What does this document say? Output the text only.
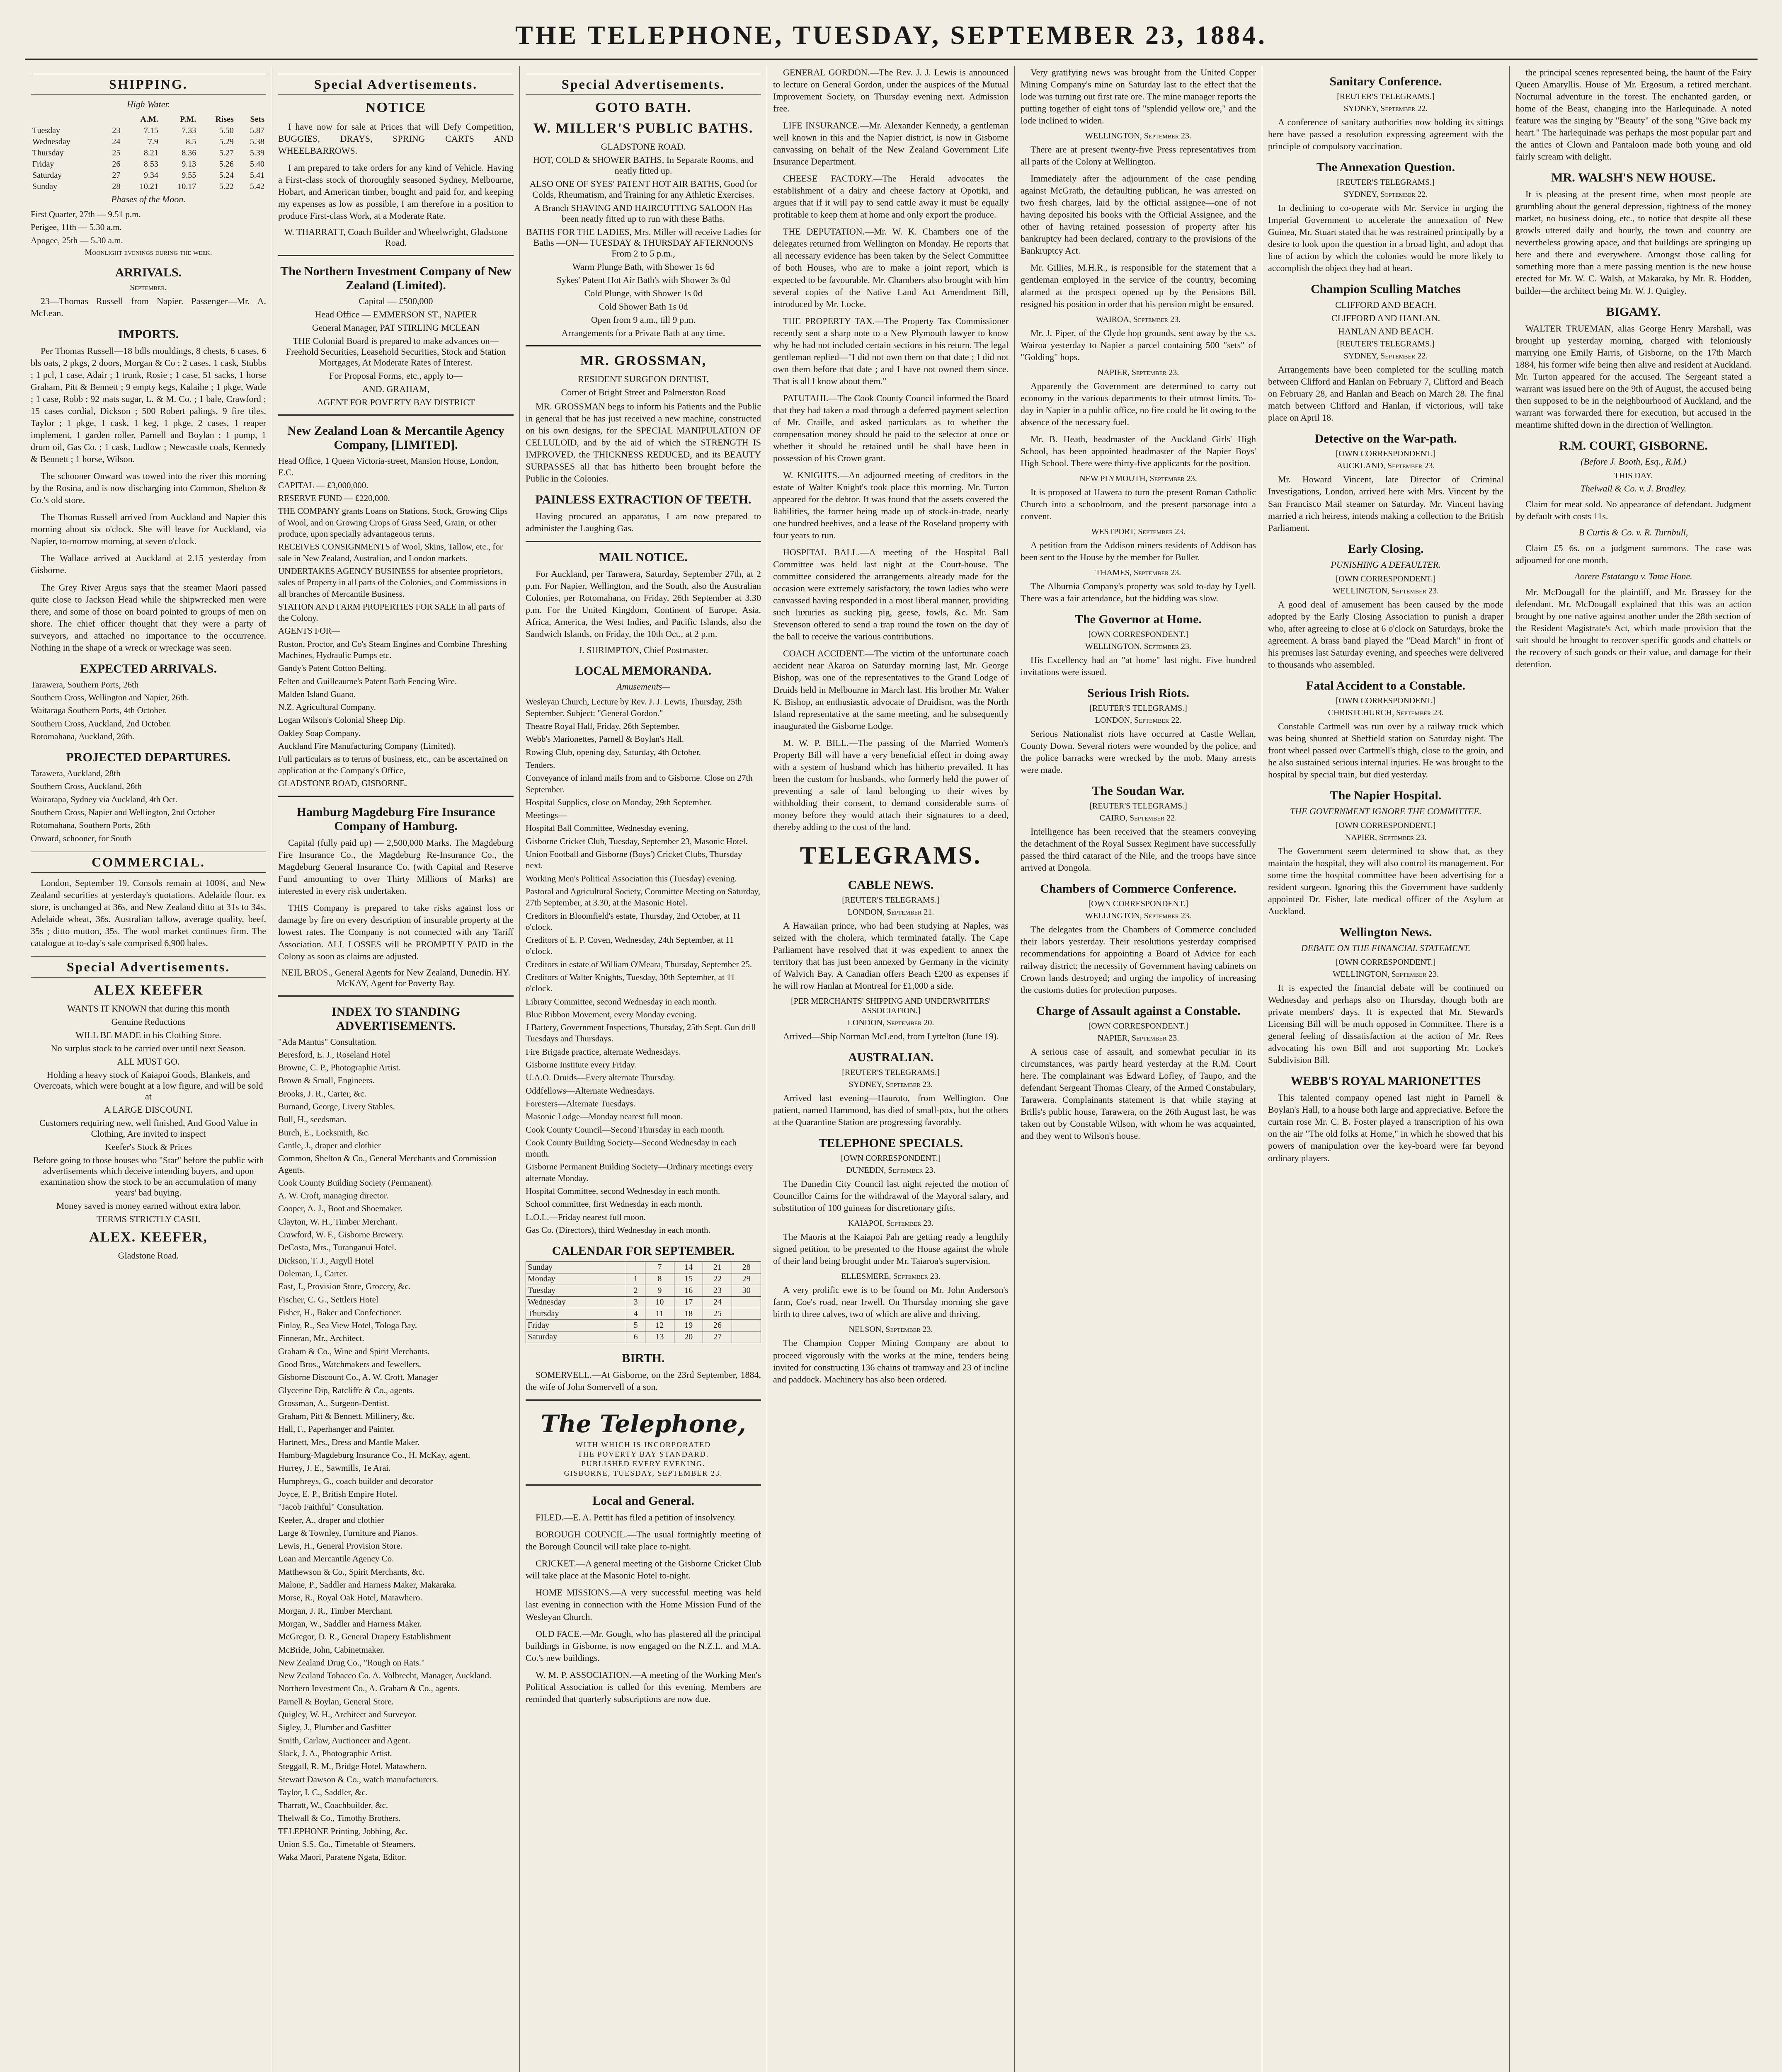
THE TELEPHONE, TUESDAY, SEPTEMBER 23, 1884.
SHIPPING.
High Water.
		A.M.	P.M.	Rises	Sets
Tuesday	23	7.15	7.33	5.50	5.87
Wednesday	24	7.9	8.5	5.29	5.38
Thursday	25	8.21	8.36	5.27	5.39
Friday	26	8.53	9.13	5.26	5.40
Saturday	27	9.34	9.55	5.24	5.41
Sunday	28	10.21	10.17	5.22	5.42
Phases of the Moon.
First Quarter, 27th — 9.51 p.m.
Perigee, 11th — 5.30 a.m.
Apogee, 25th — 5.30 a.m.
Moonlight evenings during the week.
ARRIVALS.
September.

23—Thomas Russell from Napier. Passenger—Mr. A. McLean.

IMPORTS.

Per Thomas Russell—18 bdls mouldings, 8 chests, 6 cases, 6 bls oats, 2 pkgs, 2 doors, Morgan & Co ; 2 cases, 1 cask, Stubbs ; 1 pcl, 1 case, Adair ; 1 trunk, Rosie ; 1 case, 51 sacks, 1 horse Graham, Pitt & Bennett ; 9 empty kegs, Kalaihe ; 1 pkge, Wade ; 1 case, Robb ; 92 mats sugar, L. & M. Co. ; 1 bale, Crawford ; 15 cases cordial, Dickson ; 500 Robert palings, 9 fire tiles, Taylor ; 1 pkge, 1 cask, 1 keg, 1 pkge, 2 cases, 1 reaper implement, 1 garden roller, Parnell and Boylan ; 1 pump, 1 drum oil, Gas Co. ; 1 cask, Ludlow ; Newcastle coals, Kennedy & Bennett ; 1 horse, Wilson.

The schooner Onward was towed into the river this morning by the Rosina, and is now discharging into Common, Shelton & Co.'s old store.

The Thomas Russell arrived from Auckland and Napier this morning about six o'clock. She will leave for Auckland, via Napier, to-morrow morning, at seven o'clock.

The Wallace arrived at Auckland at 2.15 yesterday from Gisborne.

The Grey River Argus says that the steamer Maori passed quite close to Jackson Head while the shipwrecked men were there, and some of those on board pointed to groups of men on shore. The chief officer thought that they were a party of surveyors, and attached no importance to the occurrence. Nothing in the shape of a wreck or wreckage was seen.

EXPECTED ARRIVALS.
Tarawera, Southern Ports, 26th
Southern Cross, Wellington and Napier, 26th.
Waitaraga Southern Ports, 4th October.
Southern Cross, Auckland, 2nd October.
Rotomahana, Auckland, 26th.
PROJECTED DEPARTURES.
Tarawera, Auckland, 28th
Southern Cross, Auckland, 26th
Wairarapa, Sydney via Auckland, 4th Oct.
Southern Cross, Napier and Wellington, 2nd October
Rotomahana, Southern Ports, 26th
Onward, schooner, for South
COMMERCIAL.

London, September 19. Consols remain at 100¾, and New Zealand securities at yesterday's quotations. Adelaide flour, ex store, is unchanged at 36s, and New Zealand ditto at 31s to 34s. Adelaide wheat, 36s. Australian tallow, average quality, beef, 35s ; ditto mutton, 35s. The wool market continues firm. The catalogue at to-day's sale comprised 6,900 bales.

Special Advertisements.
ALEX KEEFER
WANTS IT KNOWN that during this month
Genuine Reductions
WILL BE MADE in his Clothing Store.
No surplus stock to be carried over until next Season.
ALL MUST GO.
Holding a heavy stock of Kaiapoi Goods, Blankets, and Overcoats, which were bought at a low figure, and will be sold at
A LARGE DISCOUNT.
Customers requiring new, well finished, And Good Value in Clothing, Are invited to inspect
Keefer's Stock & Prices
Before going to those houses who "Star" before the public with advertisements which deceive intending buyers, and upon examination show the stock to be an accumulation of many years' bad buying.
Money saved is money earned without extra labor.
TERMS STRICTLY CASH.
ALEX. KEEFER,
Gladstone Road.
Special Advertisements.
NOTICE

I have now for sale at Prices that will Defy Competition, BUGGIES, DRAYS, SPRING CARTS AND WHEELBARROWS.

I am prepared to take orders for any kind of Vehicle. Having a First-class stock of thoroughly seasoned Sydney, Melbourne, Hobart, and American timber, bought and paid for, and keeping my expenses as low as possible, I am therefore in a position to produce First-class Work, at a Moderate Rate.

W. THARRATT, Coach Builder and Wheelwright, Gladstone Road.
The Northern Investment Company of New Zealand (Limited).
Capital — £500,000
Head Office — EMMERSON ST., NAPIER
General Manager, PAT STIRLING MCLEAN
THE Colonial Board is prepared to make advances on— Freehold Securities, Leasehold Securities, Stock and Station Mortgages, At Moderate Rates of Interest.
For Proposal Forms, etc., apply to—
AND. GRAHAM,
AGENT FOR POVERTY BAY DISTRICT
New Zealand Loan & Mercantile Agency Company, [LIMITED].
Head Office, 1 Queen Victoria-street, Mansion House, London, E.C.
CAPITAL — £3,000,000.
RESERVE FUND — £220,000.
THE COMPANY grants Loans on Stations, Stock, Growing Clips of Wool, and on Growing Crops of Grass Seed, Grain, or other produce, upon specially advantageous terms.
RECEIVES CONSIGNMENTS of Wool, Skins, Tallow, etc., for sale in New Zealand, Australian, and London markets.
UNDERTAKES AGENCY BUSINESS for absentee proprietors, sales of Property in all parts of the Colonies, and Commissions in all branches of Mercantile Business.
STATION AND FARM PROPERTIES FOR SALE in all parts of the Colony.
AGENTS FOR—
Ruston, Proctor, and Co's Steam Engines and Combine Threshing Machines, Hydraulic Pumps etc.
Gandy's Patent Cotton Belting.
Felten and Guilleaume's Patent Barb Fencing Wire.
Malden Island Guano.
N.Z. Agricultural Company.
Logan Wilson's Colonial Sheep Dip.
Oakley Soap Company.
Auckland Fire Manufacturing Company (Limited).
Full particulars as to terms of business, etc., can be ascertained on application at the Company's Office,
GLADSTONE ROAD, GISBORNE.
Hamburg Magdeburg Fire Insurance Company of Hamburg.

Capital (fully paid up) — 2,500,000 Marks. The Magdeburg Fire Insurance Co., the Magdeburg Re-Insurance Co., the Magdeburg General Insurance Co. (with Capital and Reserve Fund amounting to over Thirty Millions of Marks) are interested in every risk undertaken.

THIS Company is prepared to take risks against loss or damage by fire on every description of insurable property at the lowest rates. The Company is not connected with any Tariff Association. ALL LOSSES will be PROMPTLY PAID in the Colony as soon as claims are adjusted.

NEIL BROS., General Agents for New Zealand, Dunedin. HY. McKAY, Agent for Poverty Bay.
INDEX TO STANDING ADVERTISEMENTS.
"Ada Mantus" Consultation.
Beresford, E. J., Roseland Hotel
Browne, C. P., Photographic Artist.
Brown & Small, Engineers.
Brooks, J. R., Carter, &c.
Burnand, George, Livery Stables.
Bull, H., seedsman.
Burch, E., Locksmith, &c.
Cantle, J., draper and clothier
Common, Shelton & Co., General Merchants and Commission Agents.
Cook County Building Society (Permanent).
A. W. Croft, managing director.
Cooper, A. J., Boot and Shoemaker.
Clayton, W. H., Timber Merchant.
Crawford, W. F., Gisborne Brewery.
DeCosta, Mrs., Turanganui Hotel.
Dickson, T. J., Argyll Hotel
Doleman, J., Carter.
East, J., Provision Store, Grocery, &c.
Fischer, C. G., Settlers Hotel
Fisher, H., Baker and Confectioner.
Finlay, R., Sea View Hotel, Tologa Bay.
Finneran, Mr., Architect.
Graham & Co., Wine and Spirit Merchants.
Good Bros., Watchmakers and Jewellers.
Gisborne Discount Co., A. W. Croft, Manager
Glycerine Dip, Ratcliffe & Co., agents.
Grossman, A., Surgeon-Dentist.
Graham, Pitt & Bennett, Millinery, &c.
Hall, F., Paperhanger and Painter.
Hartnett, Mrs., Dress and Mantle Maker.
Hamburg-Magdeburg Insurance Co., H. McKay, agent.
Hurrey, J. E., Sawmills, Te Arai.
Humphreys, G., coach builder and decorator
Joyce, E. P., British Empire Hotel.
"Jacob Faithful" Consultation.
Keefer, A., draper and clothier
Large & Townley, Furniture and Pianos.
Lewis, H., General Provision Store.
Loan and Mercantile Agency Co.
Matthewson & Co., Spirit Merchants, &c.
Malone, P., Saddler and Harness Maker, Makaraka.
Morse, R., Royal Oak Hotel, Matawhero.
Morgan, J. R., Timber Merchant.
Morgan, W., Saddler and Harness Maker.
McGregor, D. R., General Drapery Establishment
McBride, John, Cabinetmaker.
New Zealand Drug Co., "Rough on Rats."
New Zealand Tobacco Co. A. Volbrecht, Manager, Auckland.
Northern Investment Co., A. Graham & Co., agents.
Parnell & Boylan, General Store.
Quigley, W. H., Architect and Surveyor.
Sigley, J., Plumber and Gasfitter
Smith, Carlaw, Auctioneer and Agent.
Slack, J. A., Photographic Artist.
Steggall, R. M., Bridge Hotel, Matawhero.
Stewart Dawson & Co., watch manufacturers.
Taylor, I. C., Saddler, &c.
Tharratt, W., Coachbuilder, &c.
Thelwall & Co., Timothy Brothers.
TELEPHONE Printing, Jobbing, &c.
Union S.S. Co., Timetable of Steamers.
Waka Maori, Paratene Ngata, Editor.
Special Advertisements.
GOTO BATH.
W. MILLER'S PUBLIC BATHS.
GLADSTONE ROAD.
HOT, COLD & SHOWER BATHS, In Separate Rooms, and neatly fitted up.
ALSO ONE OF SYES' PATENT HOT AIR BATHS, Good for Colds, Rheumatism, and Training for any Athletic Exercises.
A Branch SHAVING AND HAIRCUTTING SALOON Has been neatly fitted up to run with these Baths.
BATHS FOR THE LADIES, Mrs. Miller will receive Ladies for Baths —ON— TUESDAY & THURSDAY AFTERNOONS From 2 to 5 p.m.,
Warm Plunge Bath, with Shower 1s 6d
Sykes' Patent Hot Air Bath's with Shower 3s 0d
Cold Plunge, with Shower 1s 0d
Cold Shower Bath 1s 0d
Open from 9 a.m., till 9 p.m.
Arrangements for a Private Bath at any time.
MR. GROSSMAN,
RESIDENT SURGEON DENTIST,
Corner of Bright Street and Palmerston Road

MR. GROSSMAN begs to inform his Patients and the Public in general that he has just received a new machine, constructed on his own designs, for the SPECIAL MANIPULATION OF CELLULOID, and by the aid of which the STRENGTH IS IMPROVED, the THICKNESS REDUCED, and its BEAUTY SURPASSES all that has hitherto been brought before the Public in the Colonies.

PAINLESS EXTRACTION OF TEETH.

Having procured an apparatus, I am now prepared to administer the Laughing Gas.

MAIL NOTICE.

For Auckland, per Tarawera, Saturday, September 27th, at 2 p.m. For Napier, Wellington, and the South, also the Australian Colonies, per Rotomahana, on Friday, 26th September at 3.30 p.m. For the United Kingdom, Continent of Europe, Asia, Africa, America, the West Indies, and Pacific Islands, also the Sandwich Islands, on Friday, the 10th Oct., at 2 p.m.

J. SHRIMPTON, Chief Postmaster.
LOCAL MEMORANDA.
Amusements—
Wesleyan Church, Lecture by Rev. J. J. Lewis, Thursday, 25th September. Subject: "General Gordon."
Theatre Royal Hall, Friday, 26th September.
Webb's Marionettes, Parnell & Boylan's Hall.
Rowing Club, opening day, Saturday, 4th October.
Tenders.
Conveyance of inland mails from and to Gisborne. Close on 27th September.
Hospital Supplies, close on Monday, 29th September.
Meetings—
Hospital Ball Committee, Wednesday evening.
Gisborne Cricket Club, Tuesday, September 23, Masonic Hotel.
Union Football and Gisborne (Boys') Cricket Clubs, Thursday next.
Working Men's Political Association this (Tuesday) evening.
Pastoral and Agricultural Society, Committee Meeting on Saturday, 27th September, at 3.30, at the Masonic Hotel.
Creditors in Bloomfield's estate, Thursday, 2nd October, at 11 o'clock.
Creditors of E. P. Coven, Wednesday, 24th September, at 11 o'clock.
Creditors in estate of William O'Meara, Thursday, September 25.
Creditors of Walter Knights, Tuesday, 30th September, at 11 o'clock.
Library Committee, second Wednesday in each month.
Blue Ribbon Movement, every Monday evening.
J Battery, Government Inspections, Thursday, 25th Sept. Gun drill Tuesdays and Thursdays.
Fire Brigade practice, alternate Wednesdays.
Gisborne Institute every Friday.
U.A.O. Druids—Every alternate Thursday.
Oddfellows—Alternate Wednesdays.
Foresters—Alternate Tuesdays.
Masonic Lodge—Monday nearest full moon.
Cook County Council—Second Thursday in each month.
Cook County Building Society—Second Wednesday in each month.
Gisborne Permanent Building Society—Ordinary meetings every alternate Monday.
Hospital Committee, second Wednesday in each month.
School committee, first Wednesday in each month.
L.O.L.—Friday nearest full moon.
Gas Co. (Directors), third Wednesday in each month.
CALENDAR FOR SEPTEMBER.
Sunday		7	14	21	28
Monday	1	8	15	22	29
Tuesday	2	9	16	23	30
Wednesday	3	10	17	24	
Thursday	4	11	18	25	
Friday	5	12	19	26	
Saturday	6	13	20	27	
BIRTH.

SOMERVELL.—At Gisborne, on the 23rd September, 1884, the wife of John Somervell of a son.

The Telephone,
WITH WHICH IS INCORPORATED
THE POVERTY BAY STANDARD.
PUBLISHED EVERY EVENING.
GISBORNE, TUESDAY, SEPTEMBER 23.
Local and General.

FILED.—E. A. Pettit has filed a petition of insolvency.

BOROUGH COUNCIL.—The usual fortnightly meeting of the Borough Council will take place to-night.

CRICKET.—A general meeting of the Gisborne Cricket Club will take place at the Masonic Hotel to-night.

HOME MISSIONS.—A very successful meeting was held last evening in connection with the Home Mission Fund of the Wesleyan Church.

OLD FACE.—Mr. Gough, who has plastered all the principal buildings in Gisborne, is now engaged on the N.Z.L. and M.A. Co.'s new buildings.

W. M. P. ASSOCIATION.—A meeting of the Working Men's Political Association is called for this evening. Members are reminded that quarterly subscriptions are now due.

GENERAL GORDON.—The Rev. J. J. Lewis is announced to lecture on General Gordon, under the auspices of the Mutual Improvement Society, on Thursday evening next. Admission free.

LIFE INSURANCE.—Mr. Alexander Kennedy, a gentleman well known in this and the Napier district, is now in Gisborne canvassing on behalf of the New Zealand Government Life Insurance Department.

CHEESE FACTORY.—The Herald advocates the establishment of a dairy and cheese factory at Opotiki, and argues that if it will pay to send cattle away it must be equally profitable to keep them at home and only export the produce.

THE DEPUTATION.—Mr. W. K. Chambers one of the delegates returned from Wellington on Monday. He reports that all necessary evidence has been taken by the Select Committee of both Houses, who are to make a joint report, which is expected to be favourable. Mr. Chambers also brought with him several copies of the Native Land Act Amendment Bill, introduced by Mr. Locke.

THE PROPERTY TAX.—The Property Tax Commissioner recently sent a sharp note to a New Plymouth lawyer to know why he had not included certain sections in his return. The legal gentleman replied—"I did not own them on that date ; I did not own them before that date ; and I have not owned them since. That is all I know about them."

PATUTAHI.—The Cook County Council informed the Board that they had taken a road through a deferred payment selection of Mr. Craille, and asked particulars as to whether the compensation money should be paid to the selector at once or whether it should be retained until he shall have been in possession of his Crown grant.

W. KNIGHTS.—An adjourned meeting of creditors in the estate of Walter Knight's took place this morning. Mr. Turton appeared for the debtor. It was found that the assets covered the liabilities, the former being made up of stock-in-trade, nearly one hundred beehives, and a lease of the Roseland property with four years to run.

HOSPITAL BALL.—A meeting of the Hospital Ball Committee was held last night at the Court-house. The committee considered the arrangements already made for the occasion were extremely satisfactory, the town ladies who were canvassed having responded in a most liberal manner, providing such luxuries as sucking pig, geese, fowls, &c. Mr. Sam Stevenson offered to send a trap round the town on the day of the ball to receive the various contributions.

COACH ACCIDENT.—The victim of the unfortunate coach accident near Akaroa on Saturday morning last, Mr. George Bishop, was one of the representatives to the Grand Lodge of Druids held in Melbourne in March last. His brother Mr. Walter K. Bishop, an enthusiastic advocate of Druidism, was the North Island representative at the same meeting, and he subsequently inaugurated the Gisborne Lodge.

M. W. P. BILL.—The passing of the Married Women's Property Bill will have a very beneficial effect in doing away with a system of husband which has hitherto prevailed. It has been the custom for husbands, who formerly held the power of preventing a sale of land belonging to their wives by withholding their consent, to demand considerable sums of money before they would attach their signatures to a deed, thereby adding to the cost of the land.

TELEGRAMS.
CABLE NEWS.
[REUTER'S TELEGRAMS.]
LONDON, September 21.

A Hawaiian prince, who had been studying at Naples, was seized with the cholera, which terminated fatally. The Cape Parliament have resolved that it was expedient to annex the territory that has just been annexed by Germany in the vicinity of Walvich Bay. A Canadian offers Beach £200 as expenses if he will row Hanlan at Montreal for £1,000 a side.

[PER MERCHANTS' SHIPPING AND UNDERWRITERS' ASSOCIATION.]
LONDON, September 20.

Arrived—Ship Norman McLeod, from Lyttelton (June 19).

AUSTRALIAN.
[REUTER'S TELEGRAMS.]
SYDNEY, September 23.

Arrived last evening—Hauroto, from Wellington. One patient, named Hammond, has died of small-pox, but the others at the Quarantine Station are progressing favorably.

TELEPHONE SPECIALS.
[OWN CORRESPONDENT.]
DUNEDIN, September 23.

The Dunedin City Council last night rejected the motion of Councillor Cairns for the withdrawal of the Mayoral salary, and substitution of 100 guineas for discretionary gifts.

KAIAPOI, September 23.

The Maoris at the Kaiapoi Pah are getting ready a lengthily signed petition, to be presented to the House against the whole of their land being brought under Mr. Taiaroa's supervision.

ELLESMERE, September 23.

A very prolific ewe is to be found on Mr. John Anderson's farm, Coe's road, near Irwell. On Thursday morning she gave birth to three calves, two of which are alive and thriving.

NELSON, September 23.

The Champion Copper Mining Company are about to proceed vigorously with the works at the mine, tenders being invited for constructing 136 chains of tramway and 23 of incline and paddock. Machinery has also been ordered.

Very gratifying news was brought from the United Copper Mining Company's mine on Saturday last to the effect that the lode was turning out first rate ore. The mine manager reports the putting together of eight tons of "splendid yellow ore," and the lode inclined to widen.

WELLINGTON, September 23.

There are at present twenty-five Press representatives from all parts of the Colony at Wellington.

Immediately after the adjournment of the case pending against McGrath, the defaulting publican, he was arrested on two fresh charges, laid by the official assignee—one of not having deposited his books with the Official Assignee, and the other of having retained possession of property after his bankruptcy had been declared, contrary to the provisions of the Bankruptcy Act.

Mr. Gillies, M.H.R., is responsible for the statement that a gentleman employed in the service of the country, becoming alarmed at the prospect opened up by the Pensions Bill, resigned his position in order that his pension might be ensured.

WAIROA, September 23.

Mr. J. Piper, of the Clyde hop grounds, sent away by the s.s. Wairoa yesterday to Napier a parcel containing 500 "sets" of "Golding" hops.

NAPIER, September 23.

Apparently the Government are determined to carry out economy in the various departments to their utmost limits. To-day in Napier in a public office, no fire could be lit owing to the absence of the necessary fuel.

Mr. B. Heath, headmaster of the Auckland Girls' High School, has been appointed headmaster of the Napier Boys' High School. There were thirty-five applicants for the position.

NEW PLYMOUTH, September 23.

It is proposed at Hawera to turn the present Roman Catholic Church into a schoolroom, and the present parsonage into a convent.

WESTPORT, September 23.

A petition from the Addison miners residents of Addison has been sent to the House by the member for Buller.

THAMES, September 23.

The Alburnia Company's property was sold to-day by Lyell. There was a fair attendance, but the bidding was slow.

The Governor at Home.
[OWN CORRESPONDENT.]
WELLINGTON, September 23.

His Excellency had an "at home" last night. Five hundred invitations were issued.

Serious Irish Riots.
[REUTER'S TELEGRAMS.]
LONDON, September 22.

Serious Nationalist riots have occurred at Castle Wellan, County Down. Several rioters were wounded by the police, and the police barracks were wrecked by the mob. Many arrests were made.

The Soudan War.
[REUTER'S TELEGRAMS.]
CAIRO, September 22.

Intelligence has been received that the steamers conveying the detachment of the Royal Sussex Regiment have successfully passed the third cataract of the Nile, and the troops have since arrived at Dongola.

Chambers of Commerce Conference.
[OWN CORRESPONDENT.]
WELLINGTON, September 23.

The delegates from the Chambers of Commerce concluded their labors yesterday. Their resolutions yesterday comprised recommendations for appointing a Board of Advice for each railway district; the necessity of Government having cabinets on Crown lands destroyed; and urging the impolicy of increasing the customs duties for protection purposes.

Charge of Assault against a Constable.
[OWN CORRESPONDENT.]
NAPIER, September 23.

A serious case of assault, and somewhat peculiar in its circumstances, was partly heard yesterday at the R.M. Court here. The complainant was Edward Lofley, of Taupo, and the defendant Sergeant Thomas Cleary, of the Armed Constabulary, Tarawera. Complainants statement is that while staying at Brills's public house, Tarawera, on the 26th August last, he was taken out by Constable Wilson, with whom he was acquainted, and they went to Wilson's house.

Sanitary Conference.
[REUTER'S TELEGRAMS.]
SYDNEY, September 22.

A conference of sanitary authorities now holding its sittings here have passed a resolution expressing agreement with the principle of compulsory vaccination.

The Annexation Question.
[REUTER'S TELEGRAMS.]
SYDNEY, September 22.

In declining to co-operate with Mr. Service in urging the Imperial Government to accelerate the annexation of New Guinea, Mr. Stuart stated that he was restrained principally by a desire to look upon the question in a broad light, and adopt that line of action by which the colonies would be more likely to accomplish the object they had at heart.

Champion Sculling Matches
CLIFFORD AND BEACH.
CLIFFORD AND HANLAN.
HANLAN AND BEACH.
[REUTER'S TELEGRAMS.]
SYDNEY, September 22.

Arrangements have been completed for the sculling match between Clifford and Hanlan on February 7, Clifford and Beach on February 28, and Hanlan and Beach on March 28. The final match between Clifford and Hanlan, if victorious, will take place on April 18.

Detective on the War-path.
[OWN CORRESPONDENT.]
AUCKLAND, September 23.

Mr. Howard Vincent, late Director of Criminal Investigations, London, arrived here with Mrs. Vincent by the San Francisco Mail steamer on Saturday. Mr. Vincent having married a rich heiress, intends making a collection to the British Parliament.

Early Closing.
PUNISHING A DEFAULTER.
[OWN CORRESPONDENT.]
WELLINGTON, September 23.

A good deal of amusement has been caused by the mode adopted by the Early Closing Association to punish a draper who, after agreeing to close at 6 o'clock on Saturdays, broke the agreement. A brass band played the "Dead March" in front of his premises last Saturday evening, and speeches were delivered to thousands who assembled.

Fatal Accident to a Constable.
[OWN CORRESPONDENT.]
CHRISTCHURCH, September 23.

Constable Cartmell was run over by a railway truck which was being shunted at Sheffield station on Saturday night. The front wheel passed over Cartmell's thigh, close to the groin, and he also sustained serious internal injuries. He was brought to the hospital by special train, but died yesterday.

The Napier Hospital.
THE GOVERNMENT IGNORE THE COMMITTEE.
[OWN CORRESPONDENT.]
NAPIER, September 23.

The Government seem determined to show that, as they maintain the hospital, they will also control its management. For some time the hospital committee have been advertising for a resident surgeon. Ignoring this the Government have suddenly appointed Dr. Fisher, late medical officer of the Asylum at Auckland.

Wellington News.
DEBATE ON THE FINANCIAL STATEMENT.
[OWN CORRESPONDENT.]
WELLINGTON, September 23.

It is expected the financial debate will be continued on Wednesday and perhaps also on Thursday, though both are private members' days. It is expected that Mr. Steward's Licensing Bill will be much opposed in Committee. There is a general feeling of dissatisfaction at the action of Mr. Rees advocating his own Bill and not supporting Mr. Locke's Subdivision Bill.

WEBB'S ROYAL MARIONETTES

This talented company opened last night in Parnell & Boylan's Hall, to a house both large and appreciative. Before the curtain rose Mr. C. B. Foster played a transcription of his own on the air "The old folks at Home," in which he showed that his powers of manipulation over the key-board were far beyond ordinary players.

the principal scenes represented being, the haunt of the Fairy Queen Amaryllis. House of Mr. Ergosum, a retired merchant. Nocturnal adventure in the forest. The enchanted garden, or home of the Beast, changing into the Harlequinade. A noted feature was the singing by "Beauty" of the song "Give back my heart." The harlequinade was perhaps the most popular part and the antics of Clown and Pantaloon made both young and old fairly scream with delight.

MR. WALSH'S NEW HOUSE.

It is pleasing at the present time, when most people are grumbling about the general depression, tightness of the money market, no business doing, etc., to notice that despite all these growls uttered daily and hourly, the town and country are nevertheless growing apace, and that buildings are springing up here and there and everywhere. Amongst those calling for something more than a mere passing mention is the new house erected for Mr. W. C. Walsh, at Makaraka, by Mr. R. Hodden, builder—the architect being Mr. W. J. Quigley.

BIGAMY.

WALTER TRUEMAN, alias George Henry Marshall, was brought up yesterday morning, charged with feloniously marrying one Emily Harris, of Gisborne, on the 17th March 1884, his former wife being then alive and resident at Auckland. Mr. Turton appeared for the accused. The Sergeant stated a warrant was issued here on the 9th of August, the accused being then supposed to be in the neighbourhood of Auckland, and the warrant was forwarded there for execution, but accused in the meantime shifted down in the direction of Wellington.

R.M. COURT, GISBORNE.
(Before J. Booth, Esq., R.M.)
THIS DAY.
Thelwall & Co. v. J. Bradley.

Claim for meat sold. No appearance of defendant. Judgment by default with costs 11s.

B Curtis & Co. v. R. Turnbull,

Claim £5 6s. on a judgment summons. The case was adjourned for one month.

Aorere Estatangu v. Tame Hone.

Mr. McDougall for the plaintiff, and Mr. Brassey for the defendant. Mr. McDougall explained that this was an action brought by one native against another under the 28th section of the Resident Magistrate's Act, which made provision that the suit should be brought to recover specific goods and chattels or the recovery of such goods or their value, and damage for their detention.
